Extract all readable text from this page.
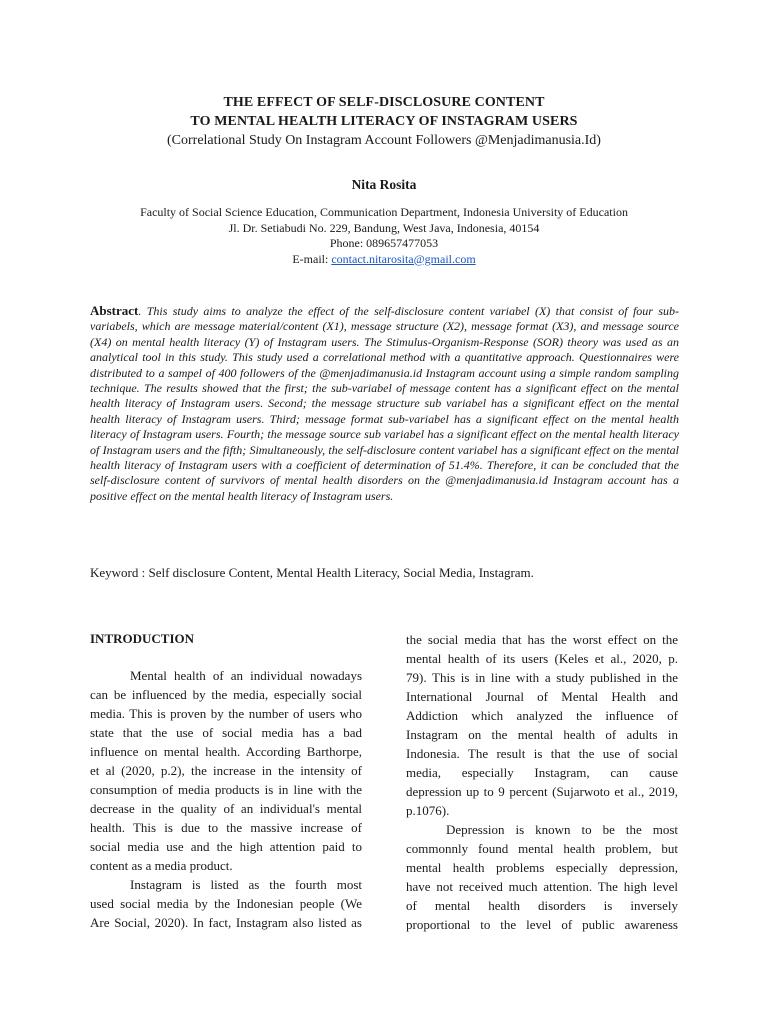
THE EFFECT OF SELF-DISCLOSURE CONTENT
TO MENTAL HEALTH LITERACY OF INSTAGRAM USERS
(Correlational Study On Instagram Account Followers @Menjadimanusia.Id)
Nita Rosita
Faculty of Social Science Education, Communication Department, Indonesia University of Education
Jl. Dr. Setiabudi No. 229, Bandung, West Java, Indonesia, 40154
Phone: 089657477053
E-mail: contact.nitarosita@gmail.com
Abstract. This study aims to analyze the effect of the self-disclosure content variabel (X) that consist of four sub-variabels, which are message material/content (X1), message structure (X2), message format (X3), and message source (X4) on mental health literacy (Y) of Instagram users. The Stimulus-Organism-Response (SOR) theory was used as an analytical tool in this study. This study used a correlational method with a quantitative approach. Questionnaires were distributed to a sampel of 400 followers of the @menjadimanusia.id Instagram account using a simple random sampling technique. The results showed that the first; the sub-variabel of message content has a significant effect on the mental health literacy of Instagram users. Second; the message structure sub variabel has a significant effect on the mental health literacy of Instagram users. Third; message format sub-variabel has a significant effect on the mental health literacy of Instagram users. Fourth; the message source sub variabel has a significant effect on the mental health literacy of Instagram users and the fifth; Simultaneously, the self-disclosure content variabel has a significant effect on the mental health literacy of Instagram users with a coefficient of determination of 51.4%. Therefore, it can be concluded that the self-disclosure content of survivors of mental health disorders on the @menjadimanusia.id Instagram account has a positive effect on the mental health literacy of Instagram users.
Keyword : Self disclosure Content, Mental Health Literacy, Social Media, Instagram.
INTRODUCTION
Mental health of an individual nowadays
can be influenced by the media, especially social
media. This is proven by the number of users who
state that the use of social media has a bad
influence on mental health. According Barthorpe,
et al (2020, p.2), the increase in the intensity of
consumption of media products is in line with the
decrease in the quality of an individual's mental
health. This is due to the massive increase of
social media use and the high attention paid to
content as a media product.
Instagram is listed as the fourth most
used social media by the Indonesian people (We
Are Social, 2020). In fact, Instagram also listed as
the social media that has the worst effect on the
mental health of its users (Keles et al., 2020, p.
79). This is in line with a study published in the
International Journal of Mental Health and
Addiction which analyzed the influence of
Instagram on the mental health of adults in
Indonesia. The result is that the use of social
media, especially Instagram, can cause
depression up to 9 percent (Sujarwoto et al., 2019,
p.1076).
Depression is known to be the most
commonnly found mental health problem, but
mental health problems especially depression,
have not received much attention. The high level
of mental health disorders is inversely
proportional to the level of public awareness
